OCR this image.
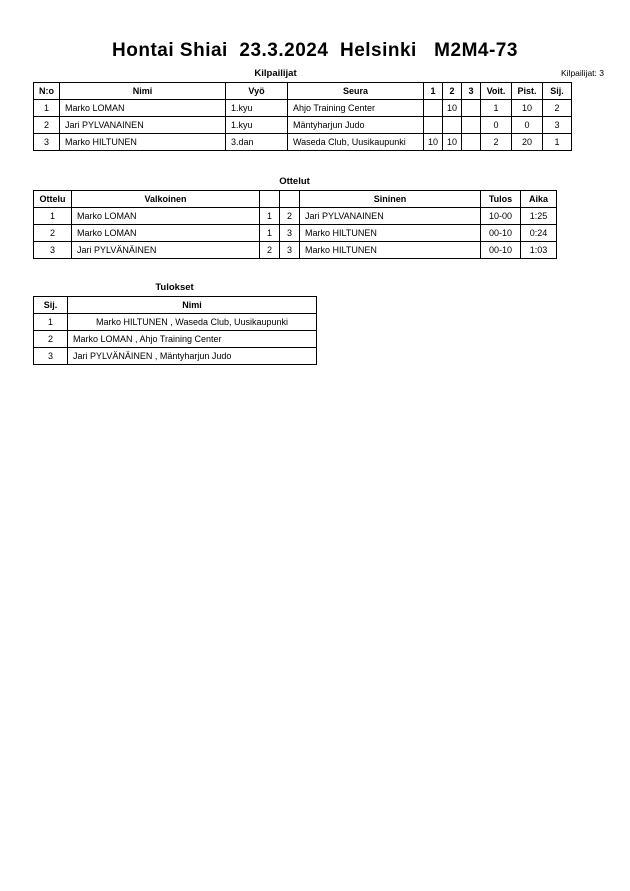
Hontai Shiai  23.3.2024  Helsinki   M2M4-73
Kilpailijat: 3
Kilpailijat
N:o	Nimi	Vyö	Seura	1	2	3	Voit.	Pist.	Sij.
1	Marko LOMAN	1.kyu	Ahjo Training Center		10		1	10	2
2	Jari PYLVANAINEN	1.kyu	Mäntyharjun Judo				0	0	3
3	Marko HILTUNEN	3.dan	Waseda Club, Uusikaupunki	10	10		2	20	1
Ottelut
Ottelu	Valkoinen			Sininen	Tulos	Aika
1	Marko LOMAN	1	2	Jari PYLVANAINEN	10-00	1:25
2	Marko LOMAN	1	3	Marko HILTUNEN	00-10	0:24
3	Jari PYLVÄNÄINEN	2	3	Marko HILTUNEN	00-10	1:03
Tulokset
Sij.	Nimi
1	Marko HILTUNEN , Waseda Club, Uusikaupunki
2	Marko LOMAN , Ahjo Training Center
3	Jari PYLVÄNÄINEN , Mäntyharjun Judo
